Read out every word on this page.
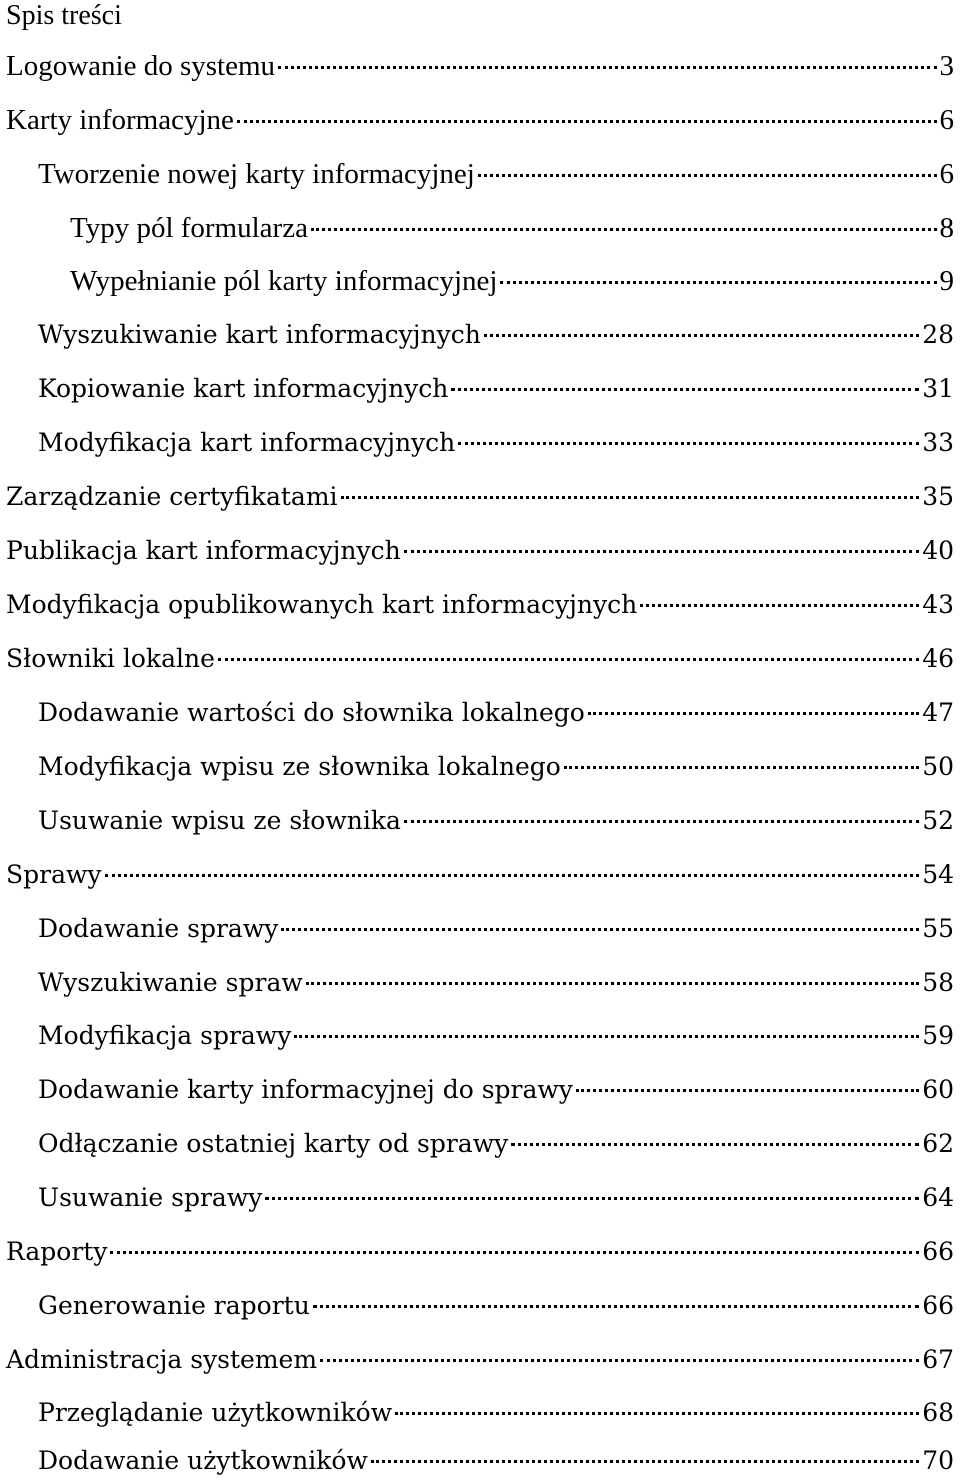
Spis treści
Logowanie do systemu	3
Karty informacyjne	6
Tworzenie nowej karty informacyjnej	6
Typy pól formularza	8
Wypełnianie pól karty informacyjnej	9
Wyszukiwanie kart informacyjnych	28
Kopiowanie kart informacyjnych	31
Modyfikacja kart informacyjnych	33
Zarządzanie certyfikatami	35
Publikacja kart informacyjnych	40
Modyfikacja opublikowanych kart informacyjnych	43
Słowniki lokalne	46
Dodawanie wartości do słownika lokalnego	47
Modyfikacja wpisu ze słownika lokalnego	50
Usuwanie wpisu ze słownika	52
Sprawy	54
Dodawanie sprawy	55
Wyszukiwanie spraw	58
Modyfikacja sprawy	59
Dodawanie karty informacyjnej do sprawy	60
Odłączanie ostatniej karty od sprawy	62
Usuwanie sprawy	64
Raporty	66
Generowanie raportu	66
Administracja systemem	67
Przeglądanie użytkowników	68
Dodawanie użytkowników	70
